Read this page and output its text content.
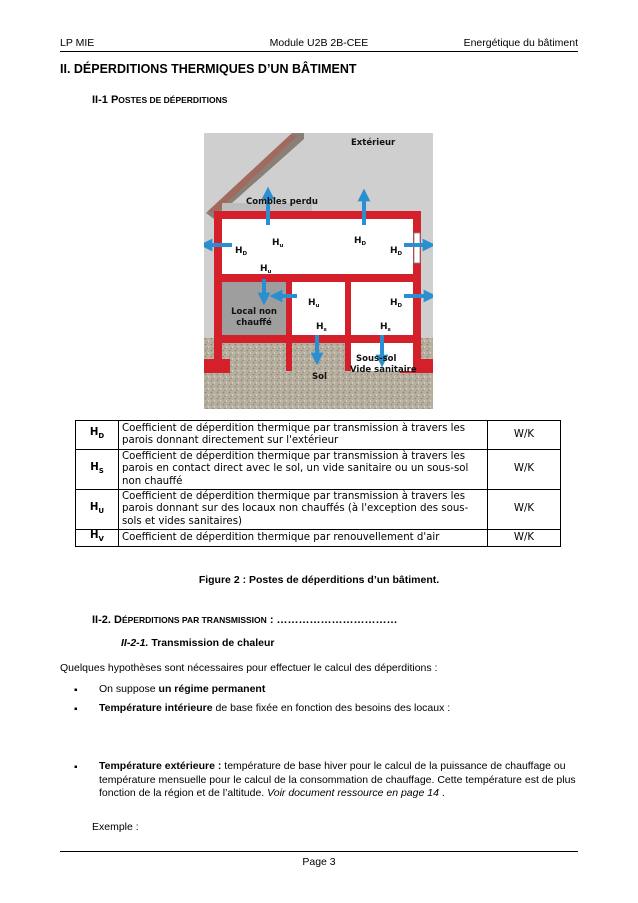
LP MIE	Module U2B 2B-CEE	Energétique du bâtiment
II. DÉPERDITIONS THERMIQUES D’UN BÂTIMENT
II-1 POSTES DE DÉPERDITIONS
$H_D$
$H_u$	$H_D$
$H_D$
$H_u$
$H_u$	$H_D$
$H_s$	$H_s$
Extérieur
Combles perdu
Local non
chauffé
Sol
Sous-sol
Vide sanitaire
$H_D$	Coefficient de déperdition thermique par transmission à travers les parois donnant directement sur l'extérieur	W/K
$H_S$	Coefficient de déperdition thermique par transmission à travers les parois en contact direct avec le sol, un vide sanitaire ou un sous-sol non chauffé	W/K
$H_U$	Coefficient de déperdition thermique par transmission à travers les parois donnant sur des locaux non chauffés (à l'exception des sous-sols et vides sanitaires)	W/K
$H_V$	Coefficient de déperdition thermique par renouvellement d'air	W/K
Figure 2 : Postes de déperditions d’un bâtiment.
II-2. DÉPERDITIONS PAR TRANSMISSION : ……………………………
II-2-1. Transmission de chaleur
Quelques hypothèses sont nécessaires pour effectuer le calcul des déperditions :
▪ On suppose un régime permanent
▪ Température intérieure de base fixée en fonction des besoins des locaux :
▪ Température extérieure : température de base hiver pour le calcul de la puissance de chauffage ou température mensuelle pour le calcul de la consommation de chauffage. Cette température est de plus fonction de la région et de l’altitude. Voir document ressource en page 14 .
Exemple :
Page 3
